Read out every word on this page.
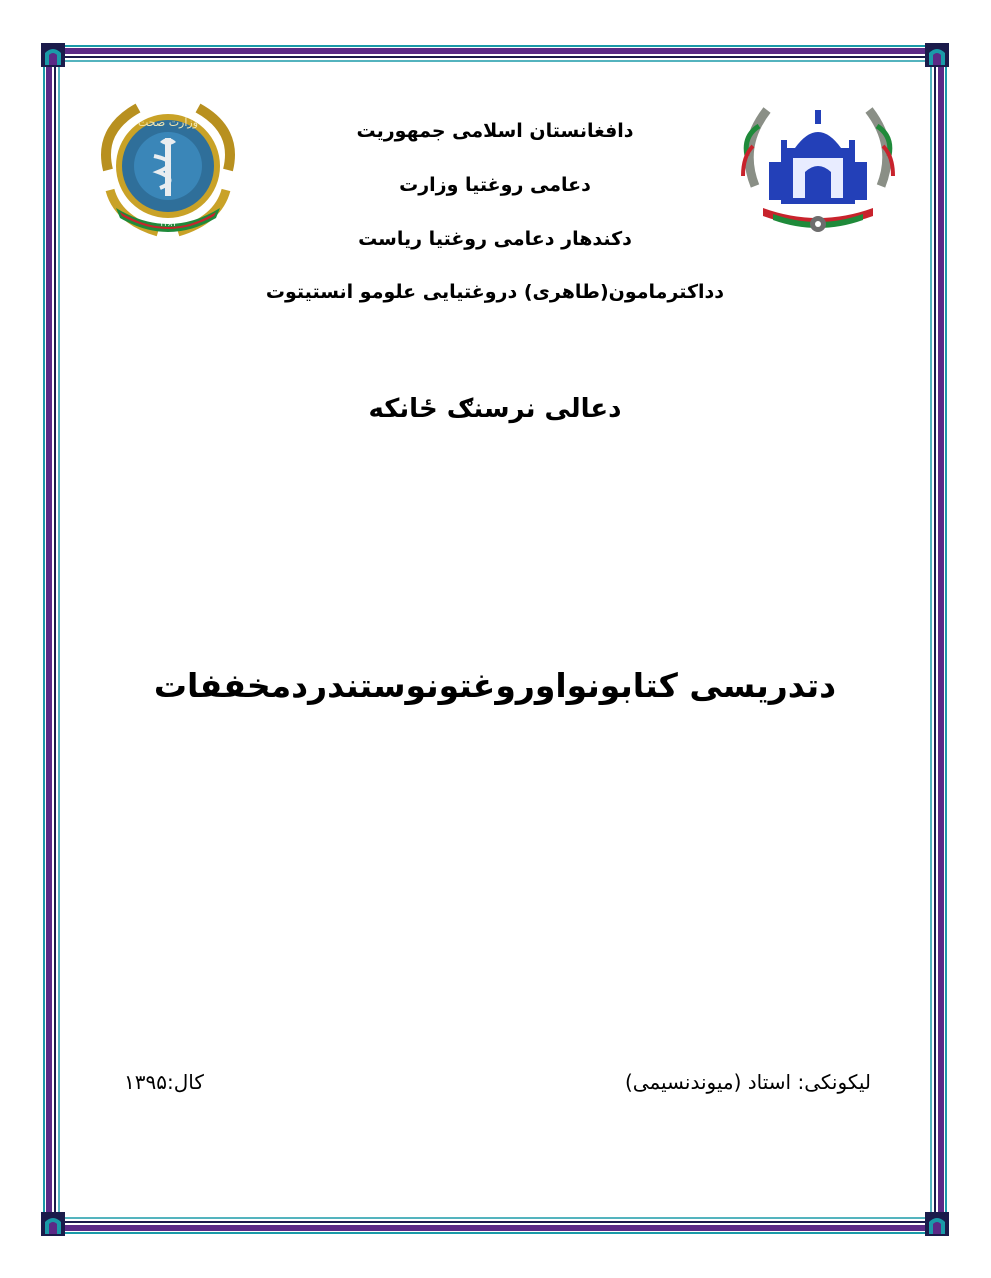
وزارت صحت
۱۳۸۱
۱۲۹۸
دافغانستان اسلامی جمهوریت
دعامی روغتیا وزارت
دکندهار دعامی روغتیا ریاست
دداکترمامون(طاهری) دروغتیایی علومو انستیتوت
دعالی نرسنګ ځانکه
دتدریسی کتابونواوروغتونوستندردمخففات
لیکونکی: استاد (میوندنسیمی)
کال:۱۳۹۵
